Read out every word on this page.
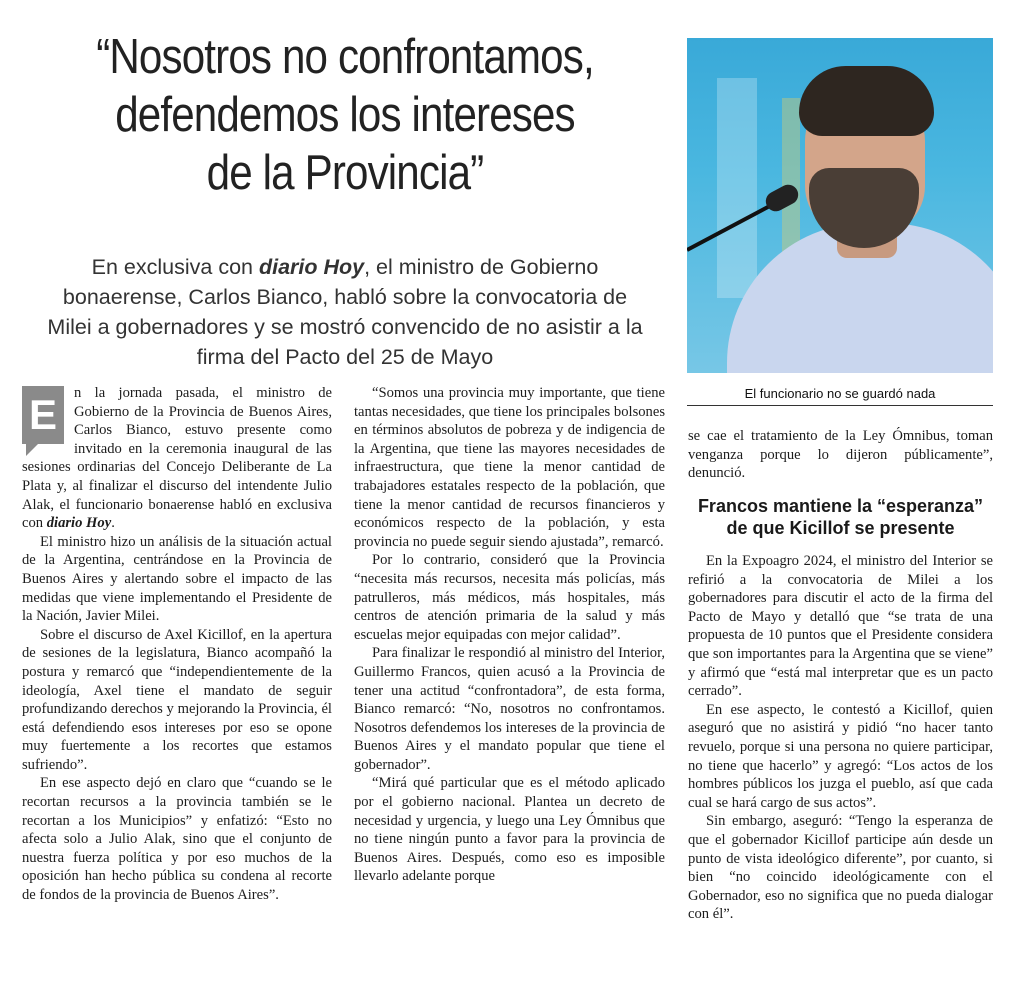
“Nosotros no confrontamos,
defendemos los intereses
de la Provincia”
En exclusiva con diario Hoy, el ministro de Gobierno bonaerense, Carlos Bianco, habló sobre la convocatoria de Milei a gobernadores y se mostró convencido de no asistir a la firma del Pacto del 25 de Mayo
El funcionario no se guardó nada

E	n la jornada pasada, el ministro de Gobierno de la Provincia de Buenos Aires, Carlos Bianco, estuvo presente como invitado en la ceremonia inaugural de las sesiones ordinarias del Concejo Deliberante de La Plata y, al finalizar el discurso del intendente Julio Alak, el funcionario bonaerense habló en exclusiva con diario Hoy.

El ministro hizo un análisis de la situación actual de la Argentina, centrándose en la Provincia de Buenos Aires y alertando sobre el impacto de las medidas que viene implementando el Presidente de la Nación, Javier Milei.

Sobre el discurso de Axel Kicillof, en la apertura de sesiones de la legislatura, Bianco acompañó la postura y remarcó que “independientemente de la ideología, Axel tiene el mandato de seguir profundizando derechos y mejorando la Provincia, él está defendiendo esos intereses por eso se opone muy fuertemente a los recortes que estamos sufriendo”.

En ese aspecto dejó en claro que “cuando se le recortan recursos a la provincia también se le recortan a los Municipios” y enfatizó: “Esto no afecta solo a Julio Alak, sino que el conjunto de nuestra fuerza política y por eso muchos de la oposición han hecho pública su condena al recorte de fondos de la provincia de Buenos Aires”.

“Somos una provincia muy importante, que tiene tantas necesidades, que tiene los principales bolsones en términos absolutos de pobreza y de indigencia de la Argentina, que tiene las mayores necesidades de infraestructura, que tiene la menor cantidad de trabajadores estatales respecto de la población, que tiene la menor cantidad de recursos financieros y económicos respecto de la población, y esta provincia no puede seguir siendo ajustada”, remarcó.

Por lo contrario, consideró que la Provincia “necesita más recursos, necesita más policías, más patrulleros, más médicos, más hospitales, más centros de atención primaria de la salud y más escuelas mejor equipadas con mejor calidad”.

Para finalizar le respondió al ministro del Interior, Guillermo Francos, quien acusó a la Provincia de tener una actitud “confrontadora”, de esta forma, Bianco remarcó: “No, nosotros no confrontamos. Nosotros defendemos los intereses de la provincia de Buenos Aires y el mandato popular que tiene el gobernador”.

“Mirá qué particular que es el método aplicado por el gobierno nacional. Plantea un decreto de necesidad y urgencia, y luego una Ley Ómnibus que no tiene ningún punto a favor para la provincia de Buenos Aires. Después, como eso es imposible llevarlo adelante porque

se cae el tratamiento de la Ley Ómnibus, toman venganza porque lo dijeron públicamente”, denunció.

Francos mantiene la “esperanza” de que Kicillof se presente

En la Expoagro 2024, el ministro del Interior se refirió a la convocatoria de Milei a los gobernadores para discutir el acto de la firma del Pacto de Mayo y detalló que “se trata de una propuesta de 10 puntos que el Presidente considera que son importantes para la Argentina que se viene” y afirmó que “está mal interpretar que es un pacto cerrado”.

En ese aspecto, le contestó a Kicillof, quien aseguró que no asistirá y pidió “no hacer tanto revuelo, porque si una persona no quiere participar, no tiene que hacerlo” y agregó: “Los actos de los hombres públicos los juzga el pueblo, así que cada cual se hará cargo de sus actos”.

Sin embargo, aseguró: “Tengo la esperanza de que el gobernador Kicillof participe aún desde un punto de vista ideológico diferente”, por cuanto, si bien “no coincido ideológicamente con el Gobernador, eso no significa que no pueda dialogar con él”.
